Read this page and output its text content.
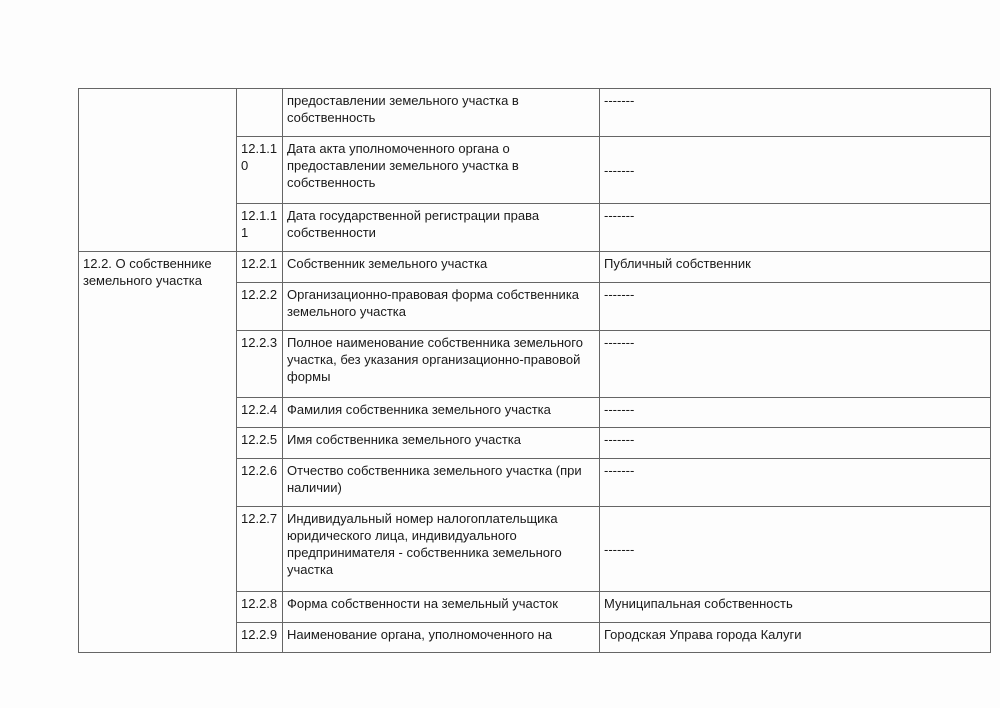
		предоставлении земельного участка в собственность	-------
	12.1.10	Дата акта уполномоченного органа о предоставлении земельного участка в собственность	-------
	12.1.11	Дата государственной регистрации права собственности	-------
12.2. О собственнике земельного участка	12.2.1	Собственник земельного участка	Публичный собственник
	12.2.2	Организационно-правовая форма собственника земельного участка	-------
	12.2.3	Полное наименование собственника земельного участка, без указания организационно-правовой формы	-------
	12.2.4	Фамилия собственника земельного участка	-------
	12.2.5	Имя собственника земельного участка	-------
	12.2.6	Отчество собственника земельного участка (при наличии)	-------
	12.2.7	Индивидуальный номер налогоплательщика юридического лица, индивидуального предпринимателя - собственника земельного участка	-------
	12.2.8	Форма собственности на земельный участок	Муниципальная собственность
	12.2.9	Наименование органа, уполномоченного на	Городская Управа города Калуги
